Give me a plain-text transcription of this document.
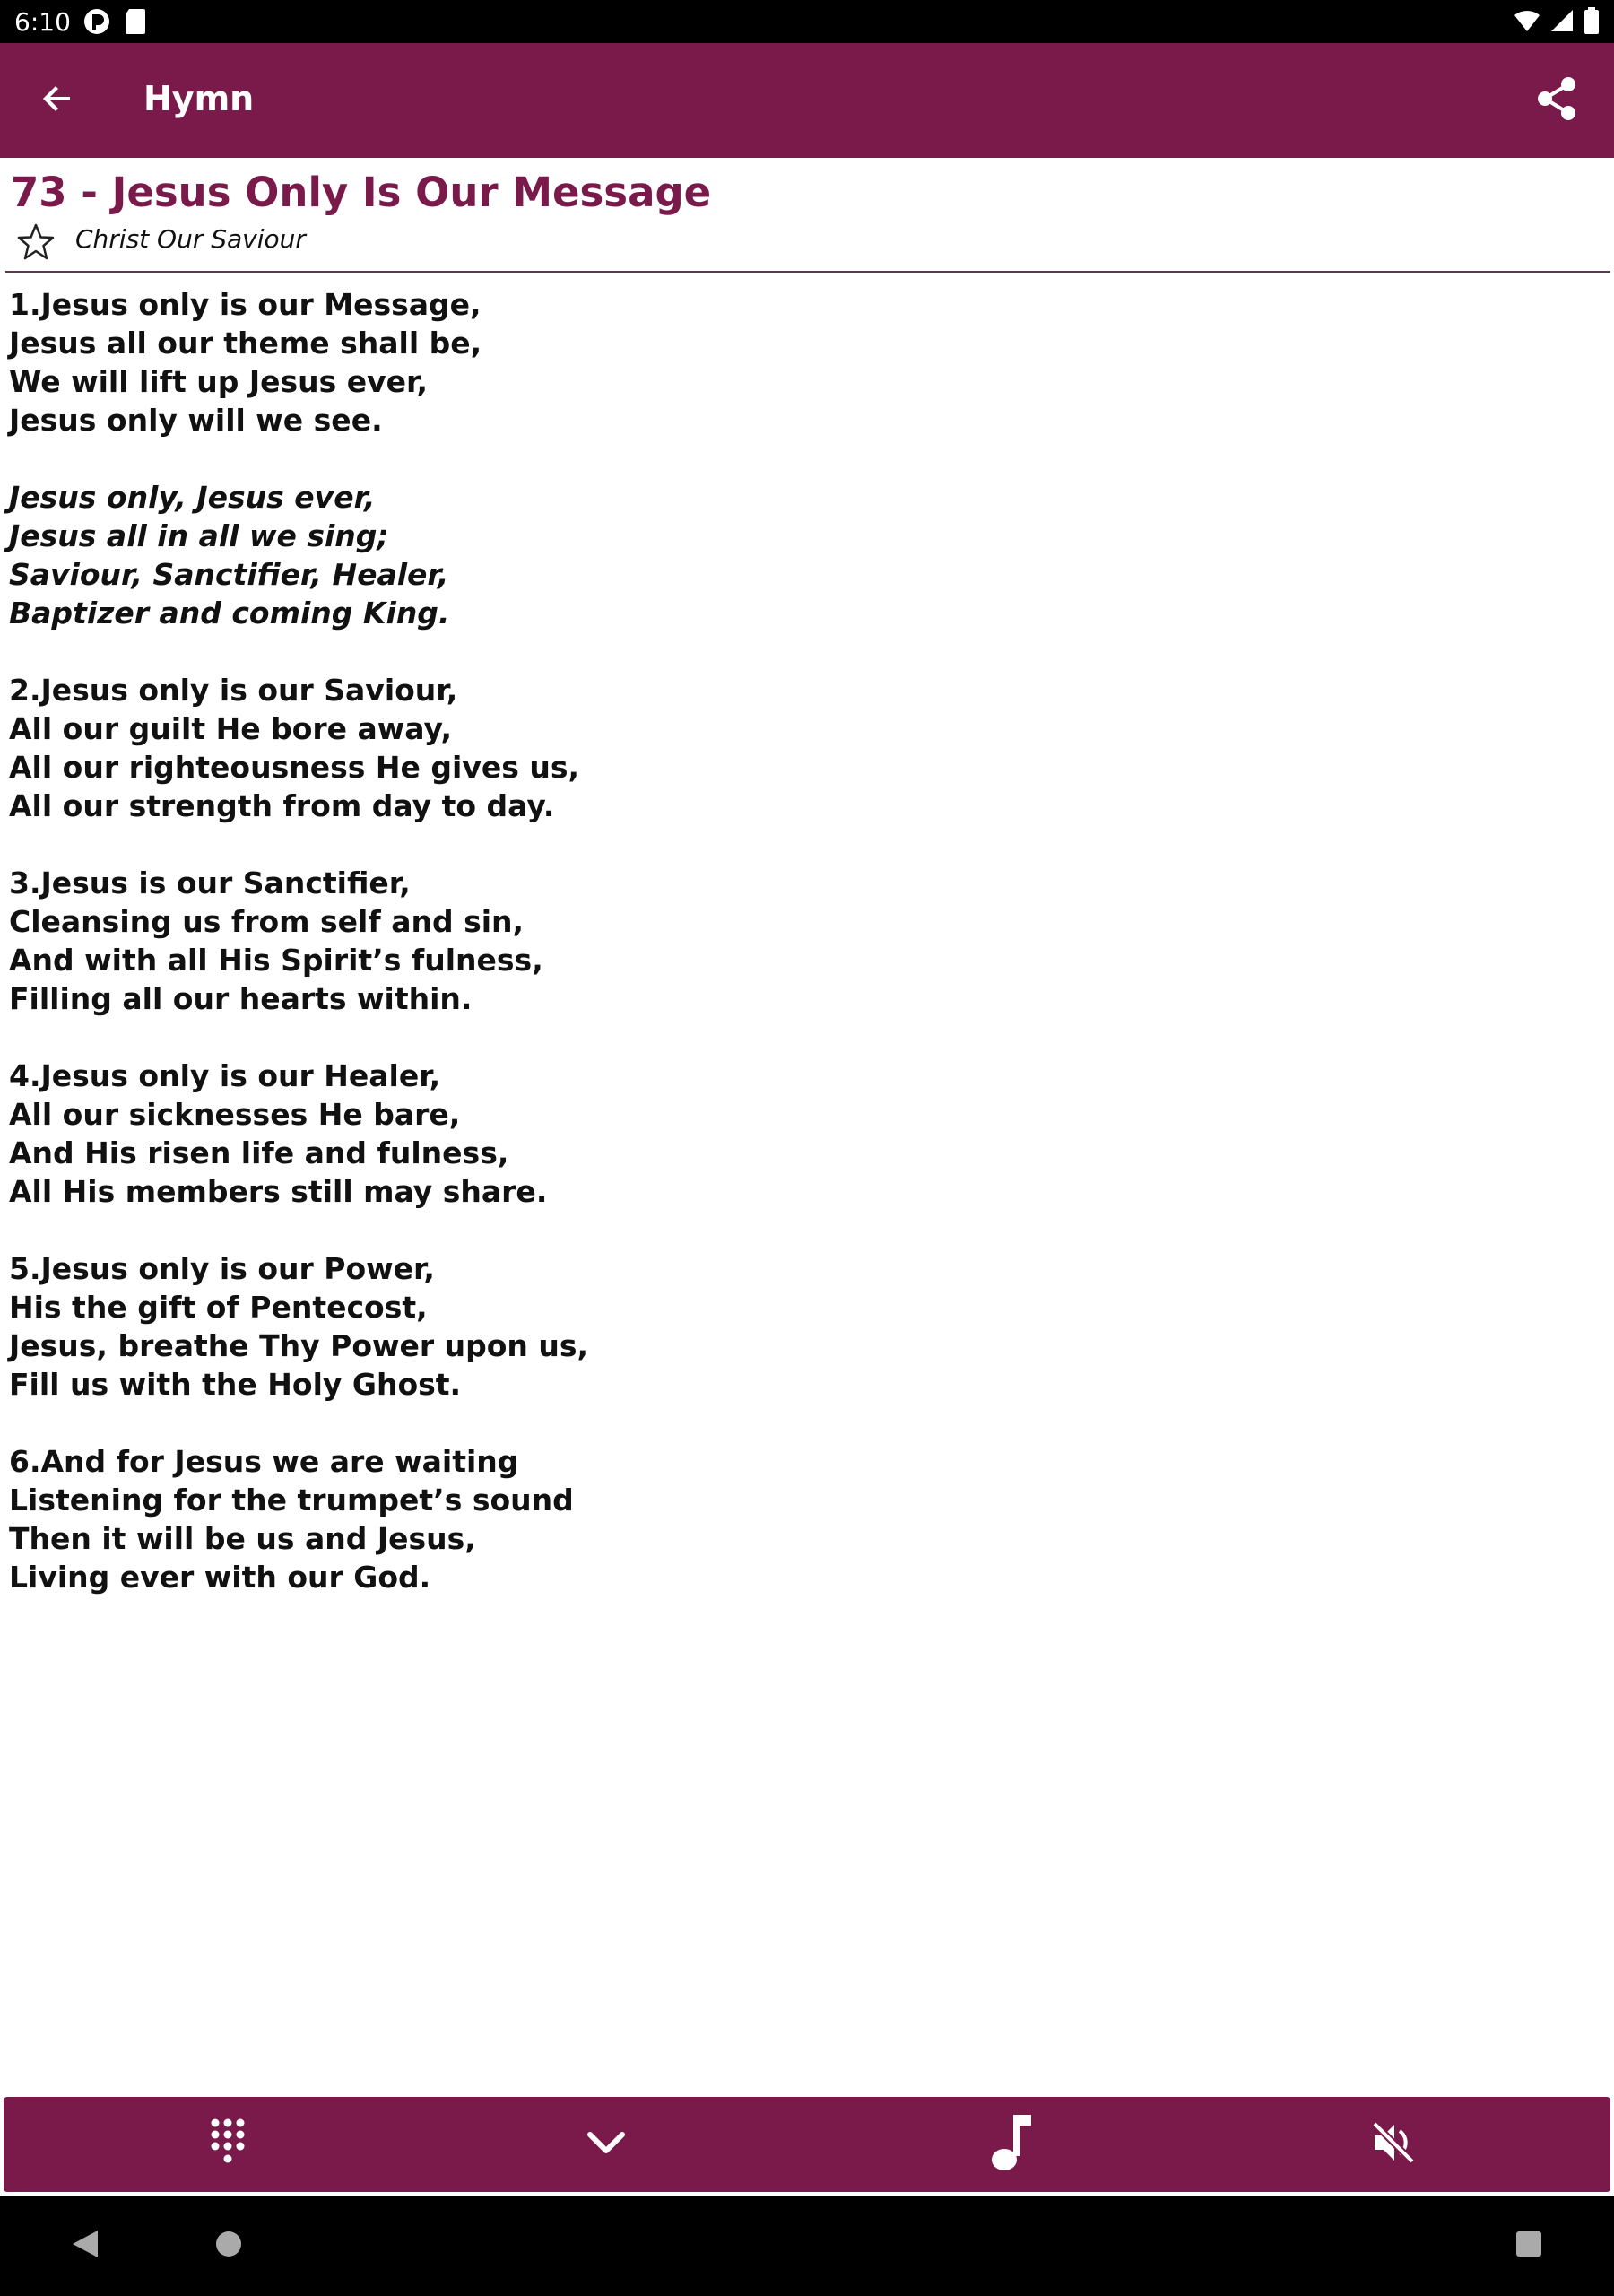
6:10
Hymn
73 - Jesus Only Is Our Message
Christ Our Saviour
1.Jesus only is our Message,
Jesus all our theme shall be,
We will lift up Jesus ever,
Jesus only will we see.
Jesus only, Jesus ever,
Jesus all in all we sing;
Saviour, Sanctifier, Healer,
Baptizer and coming King.
2.Jesus only is our Saviour,
All our guilt He bore away,
All our righteousness He gives us,
All our strength from day to day.
3.Jesus is our Sanctifier,
Cleansing us from self and sin,
And with all His Spirit’s fulness,
Filling all our hearts within.
4.Jesus only is our Healer,
All our sicknesses He bare,
And His risen life and fulness,
All His members still may share.
5.Jesus only is our Power,
His the gift of Pentecost,
Jesus, breathe Thy Power upon us,
Fill us with the Holy Ghost.
6.And for Jesus we are waiting
Listening for the trumpet’s sound
Then it will be us and Jesus,
Living ever with our God.
